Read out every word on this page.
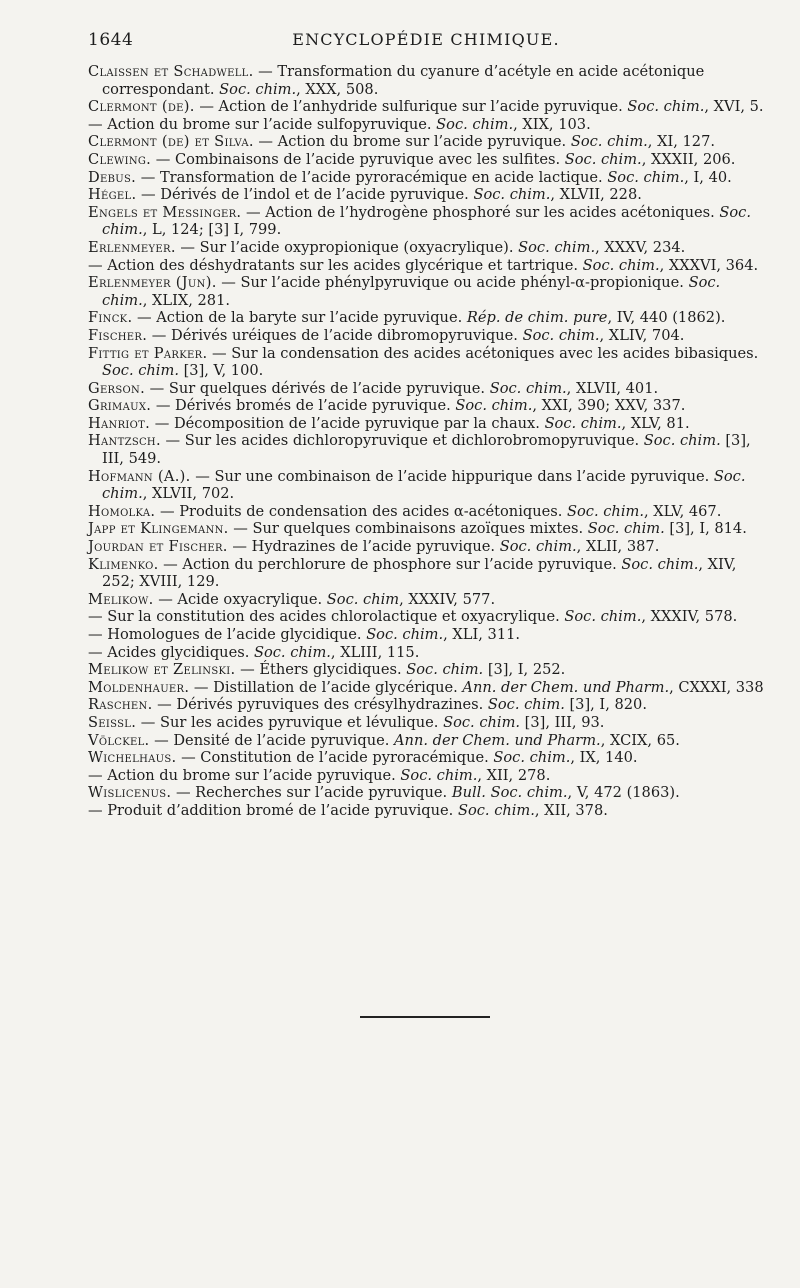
1644	ENCYCLOPÉDIE CHIMIQUE.

Claissen et Schadwell. — Transformation du cyanure d’acétyle en acide acétonique correspondant. Soc. chim., XXX, 508.

Clermont (de). — Action de l’anhydride sulfurique sur l’acide pyruvique. Soc. chim., XVI, 5.

— Action du brome sur l’acide sulfopyruvique. Soc. chim., XIX, 103.

Clermont (de) et Silva. — Action du brome sur l’acide pyruvique. Soc. chim., XI, 127.

Clewing. — Combinaisons de l’acide pyruvique avec les sulfites. Soc. chim., XXXII, 206.

Debus. — Transformation de l’acide pyroracémique en acide lactique. Soc. chim., I, 40.

Hégel. — Dérivés de l’indol et de l’acide pyruvique. Soc. chim., XLVII, 228.

Engels et Messinger. — Action de l’hydrogène phosphoré sur les acides acétoniques. Soc. chim., L, 124; [3] I, 799.

Erlenmeyer. — Sur l’acide oxypropionique (oxyacrylique). Soc. chim., XXXV, 234.

— Action des déshydratants sur les acides glycérique et tartrique. Soc. chim., XXXVI, 364.

Erlenmeyer (Jun). — Sur l’acide phénylpyruvique ou acide phényl-α-propionique. Soc. chim., XLIX, 281.

Finck. — Action de la baryte sur l’acide pyruvique. Rép. de chim. pure, IV, 440 (1862).

Fischer. — Dérivés uréiques de l’acide dibromopyruvique. Soc. chim., XLIV, 704.

Fittig et Parker. — Sur la condensation des acides acétoniques avec les acides bibasiques. Soc. chim. [3], V, 100.

Gerson. — Sur quelques dérivés de l’acide pyruvique. Soc. chim., XLVII, 401.

Grimaux. — Dérivés bromés de l’acide pyruvique. Soc. chim., XXI, 390; XXV, 337.

Hanriot. — Décomposition de l’acide pyruvique par la chaux. Soc. chim., XLV, 81.

Hantzsch. — Sur les acides dichloropyruvique et dichlorobromopyruvique. Soc. chim. [3], III, 549.

Hofmann (A.). — Sur une combinaison de l’acide hippurique dans l’acide pyruvique. Soc. chim., XLVII, 702.

Homolka. — Produits de condensation des acides α-acétoniques. Soc. chim., XLV, 467.

Japp et Klingemann. — Sur quelques combinaisons azoïques mixtes. Soc. chim. [3], I, 814.

Jourdan et Fischer. — Hydrazines de l’acide pyruvique. Soc. chim., XLII, 387.

Klimenko. — Action du perchlorure de phosphore sur l’acide pyruvique. Soc. chim., XIV, 252; XVIII, 129.

Melikow. — Acide oxyacrylique. Soc. chim, XXXIV, 577.

— Sur la constitution des acides chlorolactique et oxyacrylique. Soc. chim., XXXIV, 578.

— Homologues de l’acide glycidique. Soc. chim., XLI, 311.

— Acides glycidiques. Soc. chim., XLIII, 115.

Melikow et Zelinski. — Éthers glycidiques. Soc. chim. [3], I, 252.

Moldenhauer. — Distillation de l’acide glycérique. Ann. der Chem. und Pharm., CXXXI, 338

Raschen. — Dérivés pyruviques des crésylhydrazines. Soc. chim. [3], I, 820.

Seissl. — Sur les acides pyruvique et lévulique. Soc. chim. [3], III, 93.

Völckel. — Densité de l’acide pyruvique. Ann. der Chem. und Pharm., XCIX, 65.

Wichelhaus. — Constitution de l’acide pyroracémique. Soc. chim., IX, 140.

— Action du brome sur l’acide pyruvique. Soc. chim., XII, 278.

Wislicenus. — Recherches sur l’acide pyruvique. Bull. Soc. chim., V, 472 (1863).

— Produit d’addition bromé de l’acide pyruvique. Soc. chim., XII, 378.
